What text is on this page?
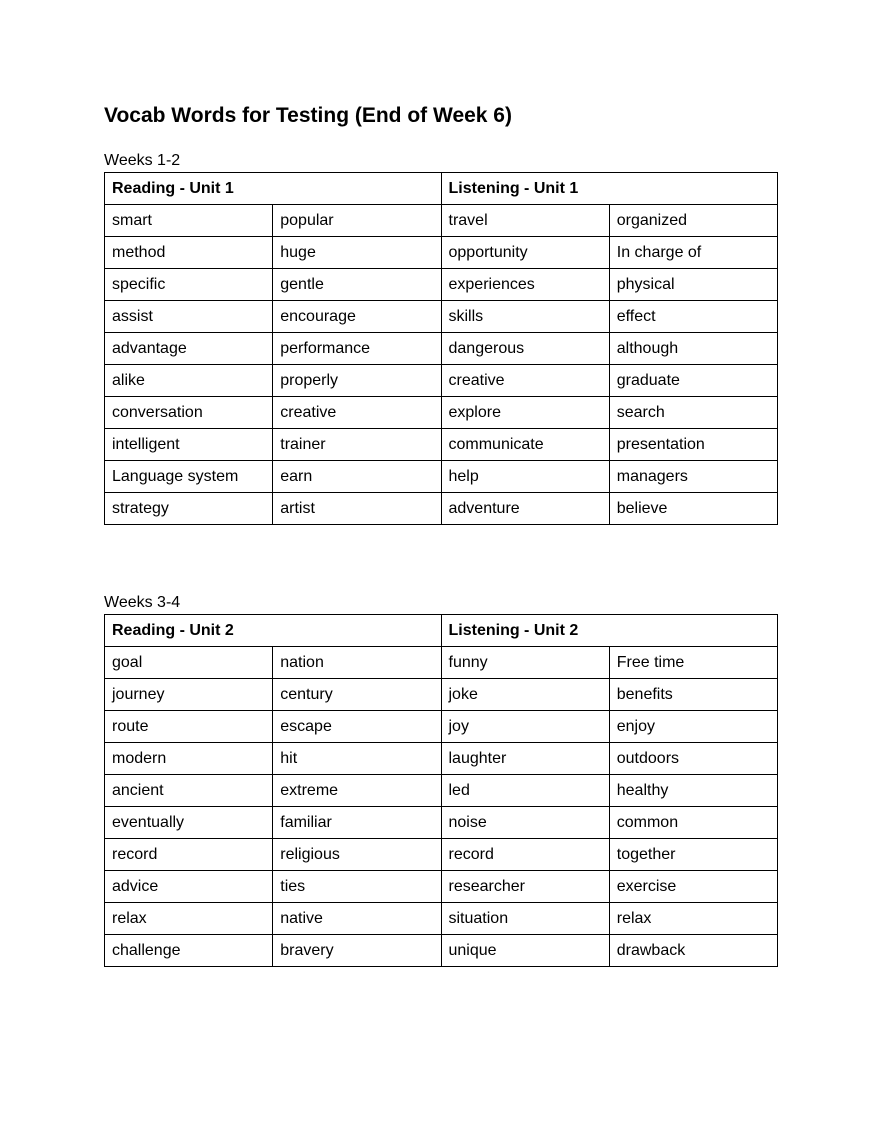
Vocab Words for Testing (End of Week 6)

Weeks 1-2

Reading - Unit 1		Listening - Unit 1	
smart	popular	travel	organized
method	huge	opportunity	In charge of
specific	gentle	experiences	physical
assist	encourage	skills	effect
advantage	performance	dangerous	although
alike	properly	creative	graduate
conversation	creative	explore	search
intelligent	trainer	communicate	presentation
Language system	earn	help	managers
strategy	artist	adventure	believe

Weeks 3-4

Reading - Unit 2		Listening - Unit 2	
goal	nation	funny	Free time
journey	century	joke	benefits
route	escape	joy	enjoy
modern	hit	laughter	outdoors
ancient	extreme	led	healthy
eventually	familiar	noise	common
record	religious	record	together
advice	ties	researcher	exercise
relax	native	situation	relax
challenge	bravery	unique	drawback
